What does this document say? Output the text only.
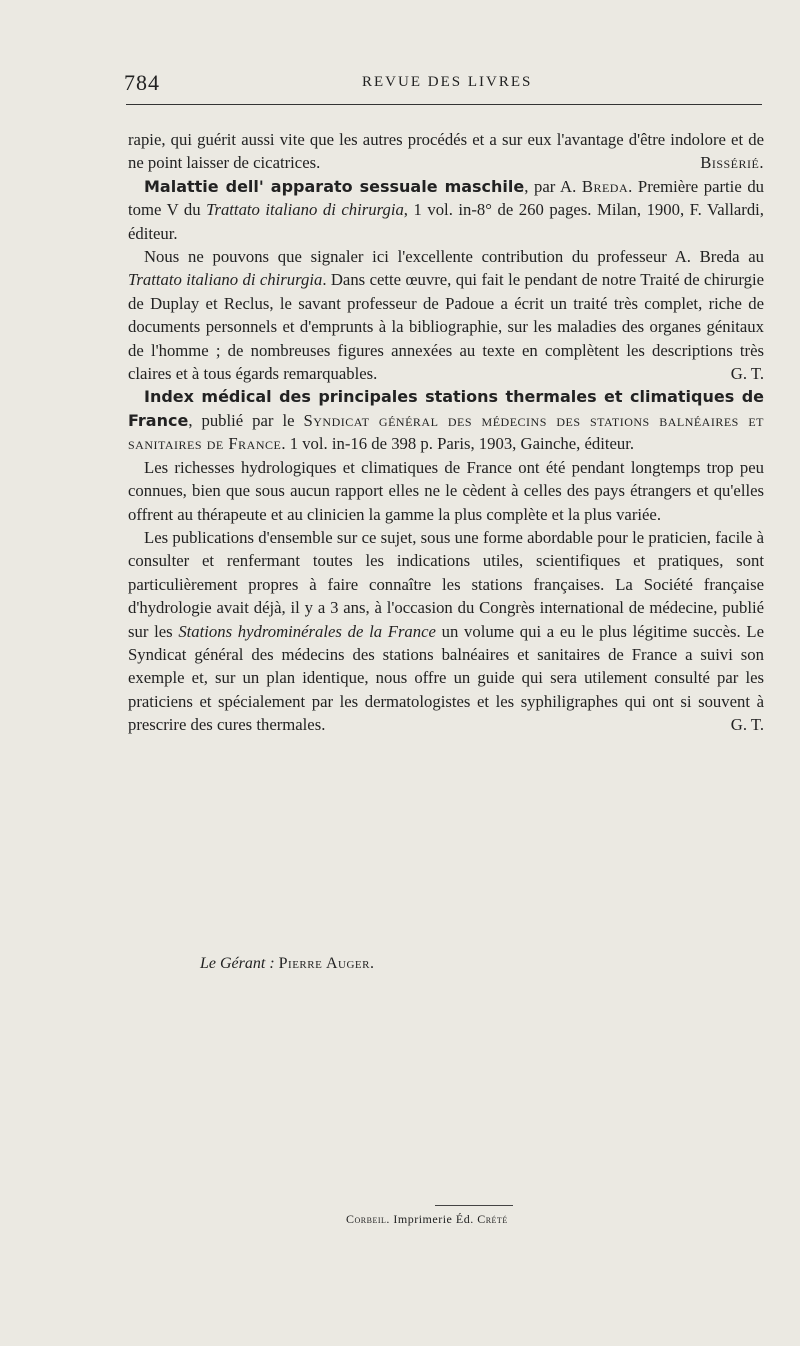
784	REVUE DES LIVRES

rapie, qui guérit aussi vite que les autres procédés et a sur eux l'avantage d'être indolore et de ne point laisser de cicatrices.	Bissérié.

Malattie dell' apparato sessuale maschile, par A. Breda. Première partie du tome V du Trattato italiano di chirurgia, 1 vol. in-8° de 260 pages. Milan, 1900, F. Vallardi, éditeur.

Nous ne pouvons que signaler ici l'excellente contribution du professeur A. Breda au Trattato italiano di chirurgia. Dans cette œuvre, qui fait le pendant de notre Traité de chirurgie de Duplay et Reclus, le savant professeur de Padoue a écrit un traité très complet, riche de documents personnels et d'emprunts à la bibliographie, sur les maladies des organes génitaux de l'homme ; de nombreuses figures annexées au texte en complètent les descriptions très claires et à tous égards remarquables.	G. T.

Index médical des principales stations thermales et climatiques de France, publié par le Syndicat général des médecins des stations balnéaires et sanitaires de France. 1 vol. in-16 de 398 p. Paris, 1903, Gainche, éditeur.

Les richesses hydrologiques et climatiques de France ont été pendant longtemps trop peu connues, bien que sous aucun rapport elles ne le cèdent à celles des pays étrangers et qu'elles offrent au thérapeute et au clinicien la gamme la plus complète et la plus variée.

Les publications d'ensemble sur ce sujet, sous une forme abordable pour le praticien, facile à consulter et renfermant toutes les indications utiles, scientifiques et pratiques, sont particulièrement propres à faire connaître les stations françaises. La Société française d'hydrologie avait déjà, il y a 3 ans, à l'occasion du Congrès international de médecine, publié sur les Stations hydrominérales de la France un volume qui a eu le plus légitime succès. Le Syndicat général des médecins des stations balnéaires et sanitaires de France a suivi son exemple et, sur un plan identique, nous offre un guide qui sera utilement consulté par les praticiens et spécialement par les dermatologistes et les syphiligraphes qui ont si souvent à prescrire des cures thermales.	G. T.

Le Gérant : Pierre Auger.
Corbeil. Imprimerie Éd. Crété
